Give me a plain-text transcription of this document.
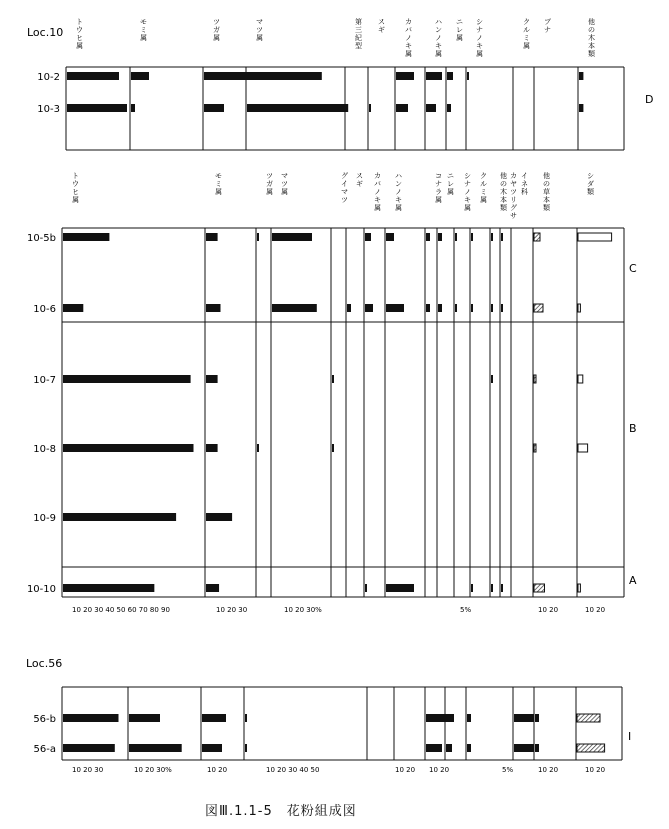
Loc.10
トウヒ属
モミ属
ツガ属
マツ属
第三紀型
スギ
カバノキ属
ハンノキ属
ニレ属
シナノキ属
クルミ属
ブナ
他の木本類
10-2
10-3
D
トウヒ属
モミ属
ツガ属
マツ属
グイマツ
スギ
カバノキ属
ハンノキ属
コナラ属
ニレ属
シナノキ属
クルミ属
他の木本類
カヤツリグサ
イネ科
他の草本類
シダ類
10-5b
10-6
10-7
10-8
10-9
10-10
C
B
A
10 20 30 40 50 60 70 80 90	10 20 30	10 20 30%	5%	10 20	10 20
Loc.56
56-b
56-a
I
10 20 30	10 20 30%	10 20	10 20 30 40 50	10 20 10 20	5%	10 20	10 20
図Ⅲ.1.1-5　花粉組成図
